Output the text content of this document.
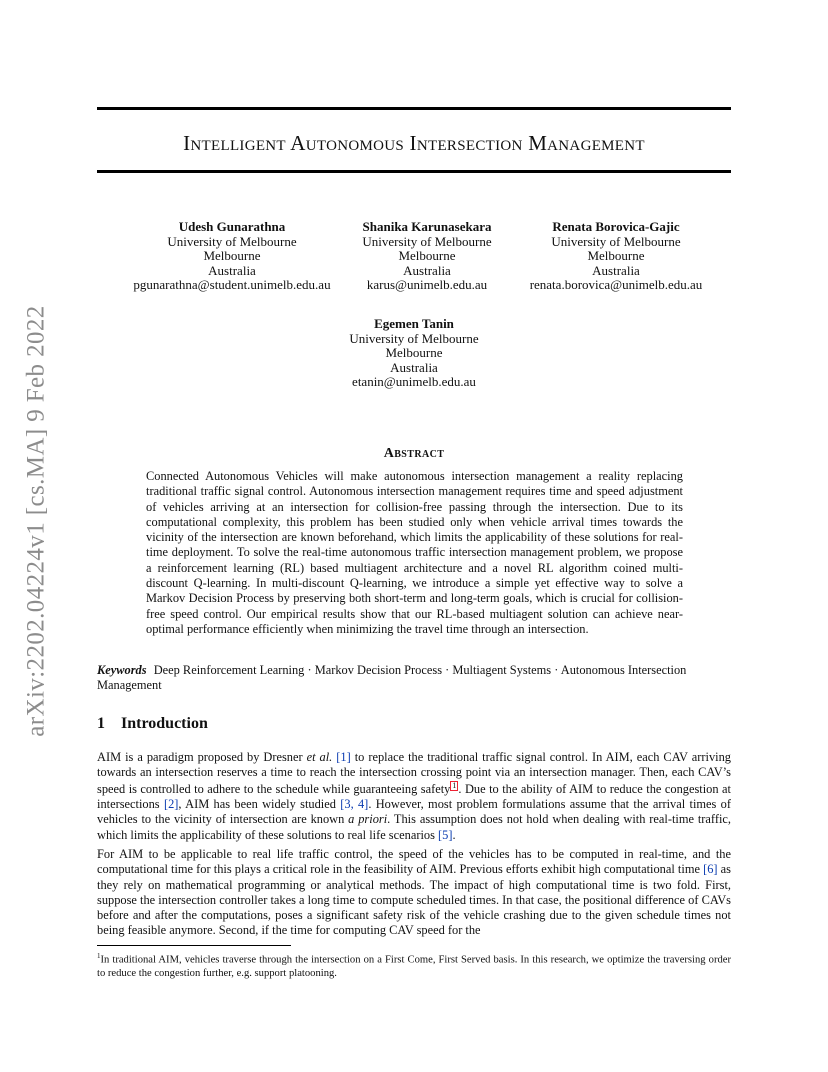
arXiv:2202.04224v1 [cs.MA] 9 Feb 2022
Intelligent Autonomous Intersection Management
Udesh Gunarathna
University of Melbourne
Melbourne
Australia
pgunarathna@student.unimelb.edu.au
Shanika Karunasekara
University of Melbourne
Melbourne
Australia
karus@unimelb.edu.au
Renata Borovica-Gajic
University of Melbourne
Melbourne
Australia
renata.borovica@unimelb.edu.au
Egemen Tanin
University of Melbourne
Melbourne
Australia
etanin@unimelb.edu.au
Abstract
Connected Autonomous Vehicles will make autonomous intersection management a reality replacing traditional traffic signal control. Autonomous intersection management requires time and speed adjustment of vehicles arriving at an intersection for collision-free passing through the intersection. Due to its computational complexity, this problem has been studied only when vehicle arrival times towards the vicinity of the intersection are known beforehand, which limits the applicability of these solutions for real-time deployment. To solve the real-time autonomous traffic intersection management problem, we propose a reinforcement learning (RL) based multiagent architecture and a novel RL algorithm coined multi-discount Q-learning. In multi-discount Q-learning, we introduce a simple yet effective way to solve a Markov Decision Process by preserving both short-term and long-term goals, which is crucial for collision-free speed control. Our empirical results show that our RL-based multiagent solution can achieve near-optimal performance efficiently when minimizing the travel time through an intersection.
Keywords Deep Reinforcement Learning · Markov Decision Process · Multiagent Systems · Autonomous Intersection Management
1 Introduction
AIM is a paradigm proposed by Dresner et al. [1] to replace the traditional traffic signal control. In AIM, each CAV arriving towards an intersection reserves a time to reach the intersection crossing point via an intersection manager. Then, each CAV’s speed is controlled to adhere to the schedule while guaranteeing safety 1 . Due to the ability of AIM to reduce the congestion at intersections [2], AIM has been widely studied [3, 4]. However, most problem formulations assume that the arrival times of vehicles to the vicinity of intersection are known a priori. This assumption does not hold when dealing with real-time traffic, which limits the applicability of these solutions to real life scenarios [5].
For AIM to be applicable to real life traffic control, the speed of the vehicles has to be computed in real-time, and the computational time for this plays a critical role in the feasibility of AIM. Previous efforts exhibit high computational time [6] as they rely on mathematical programming or analytical methods. The impact of high computational time is two fold. First, suppose the intersection controller takes a long time to compute scheduled times. In that case, the positional difference of CAVs before and after the computations, poses a significant safety risk of the vehicle crashing due to the given schedule times not being feasible anymore. Second, if the time for computing CAV speed for the
$^1$In traditional AIM, vehicles traverse through the intersection on a First Come, First Served basis. In this research, we optimize the traversing order to reduce the congestion further, e.g. support platooning.
